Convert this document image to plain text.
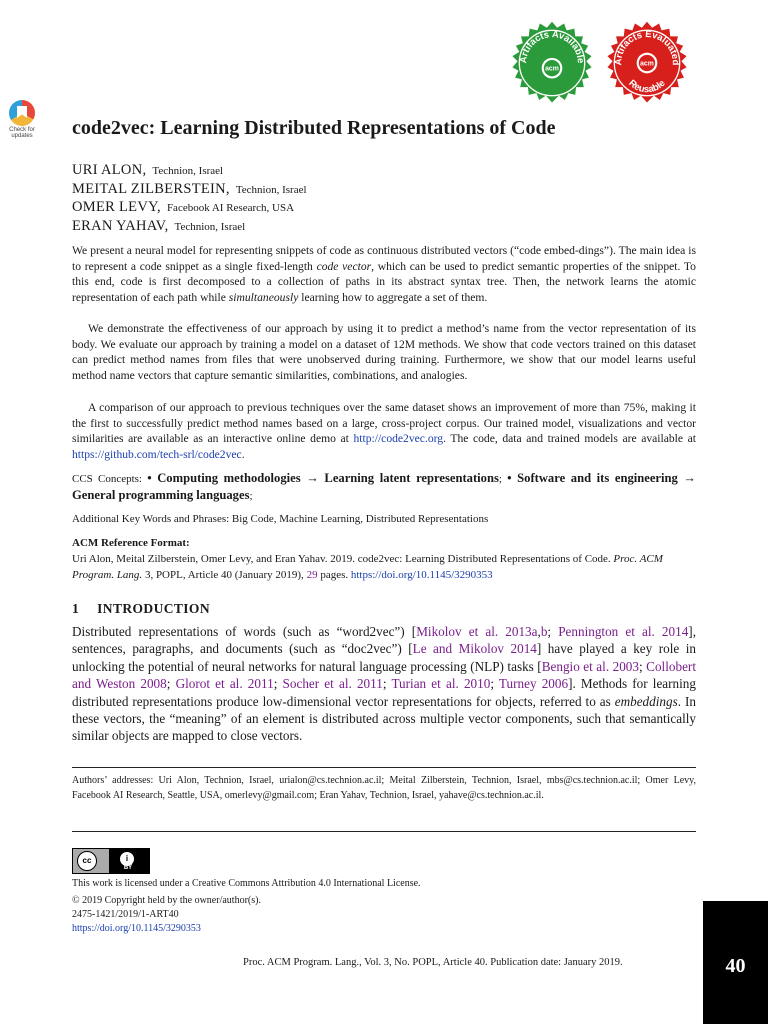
Check for
updates
Artifacts Available
acm
Artifacts Evaluated
Reusable
acm
code2vec: Learning Distributed Representations of Code
URI ALON, Technion, Israel
MEITAL ZILBERSTEIN, Technion, Israel
OMER LEVY, Facebook AI Research, USA
ERAN YAHAV, Technion, Israel
We present a neural model for representing snippets of code as continuous distributed vectors (“code embed-dings”). The main idea is to represent a code snippet as a single fixed-length code vector, which can be used to predict semantic properties of the snippet. To this end, code is first decomposed to a collection of paths in its abstract syntax tree. Then, the network learns the atomic representation of each path while simultaneously learning how to aggregate a set of them.
We demonstrate the effectiveness of our approach by using it to predict a method’s name from the vector representation of its body. We evaluate our approach by training a model on a dataset of 12M methods. We show that code vectors trained on this dataset can predict method names from files that were unobserved during training. Furthermore, we show that our model learns useful method name vectors that capture semantic similarities, combinations, and analogies.
A comparison of our approach to previous techniques over the same dataset shows an improvement of more than 75%, making it the first to successfully predict method names based on a large, cross-project corpus. Our trained model, visualizations and vector similarities are available as an interactive online demo at http://code2vec.org. The code, data and trained models are available at https://github.com/tech-srl/code2vec.
CCS Concepts: • Computing methodologies → Learning latent representations; • Software and its engineering → General programming languages;
Additional Key Words and Phrases: Big Code, Machine Learning, Distributed Representations
ACM Reference Format:
Uri Alon, Meital Zilberstein, Omer Levy, and Eran Yahav. 2019. code2vec: Learning Distributed Representations of Code. Proc. ACM Program. Lang. 3, POPL, Article 40 (January 2019), 29 pages. https://doi.org/10.1145/3290353
1 INTRODUCTION
Distributed representations of words (such as “word2vec”) [Mikolov et al. 2013a,b; Pennington et al. 2014], sentences, paragraphs, and documents (such as “doc2vec”) [Le and Mikolov 2014] have played a key role in unlocking the potential of neural networks for natural language processing (NLP) tasks [Bengio et al. 2003; Collobert and Weston 2008; Glorot et al. 2011; Socher et al. 2011; Turian et al. 2010; Turney 2006]. Methods for learning distributed representations produce low-dimensional vector representations for objects, referred to as embeddings. In these vectors, the “meaning” of an element is distributed across multiple vector components, such that semantically similar objects are mapped to close vectors.
Authors’ addresses: Uri Alon, Technion, Israel, urialon@cs.technion.ac.il; Meital Zilberstein, Technion, Israel, mbs@cs.technion.ac.il; Omer Levy, Facebook AI Research, Seattle, USA, omerlevy@gmail.com; Eran Yahav, Technion, Israel, yahave@cs.technion.ac.il.
cc	i
BY
This work is licensed under a Creative Commons Attribution 4.0 International License.
© 2019 Copyright held by the owner/author(s).
2475-1421/2019/1-ART40
https://doi.org/10.1145/3290353
Proc. ACM Program. Lang., Vol. 3, No. POPL, Article 40. Publication date: January 2019.	40
